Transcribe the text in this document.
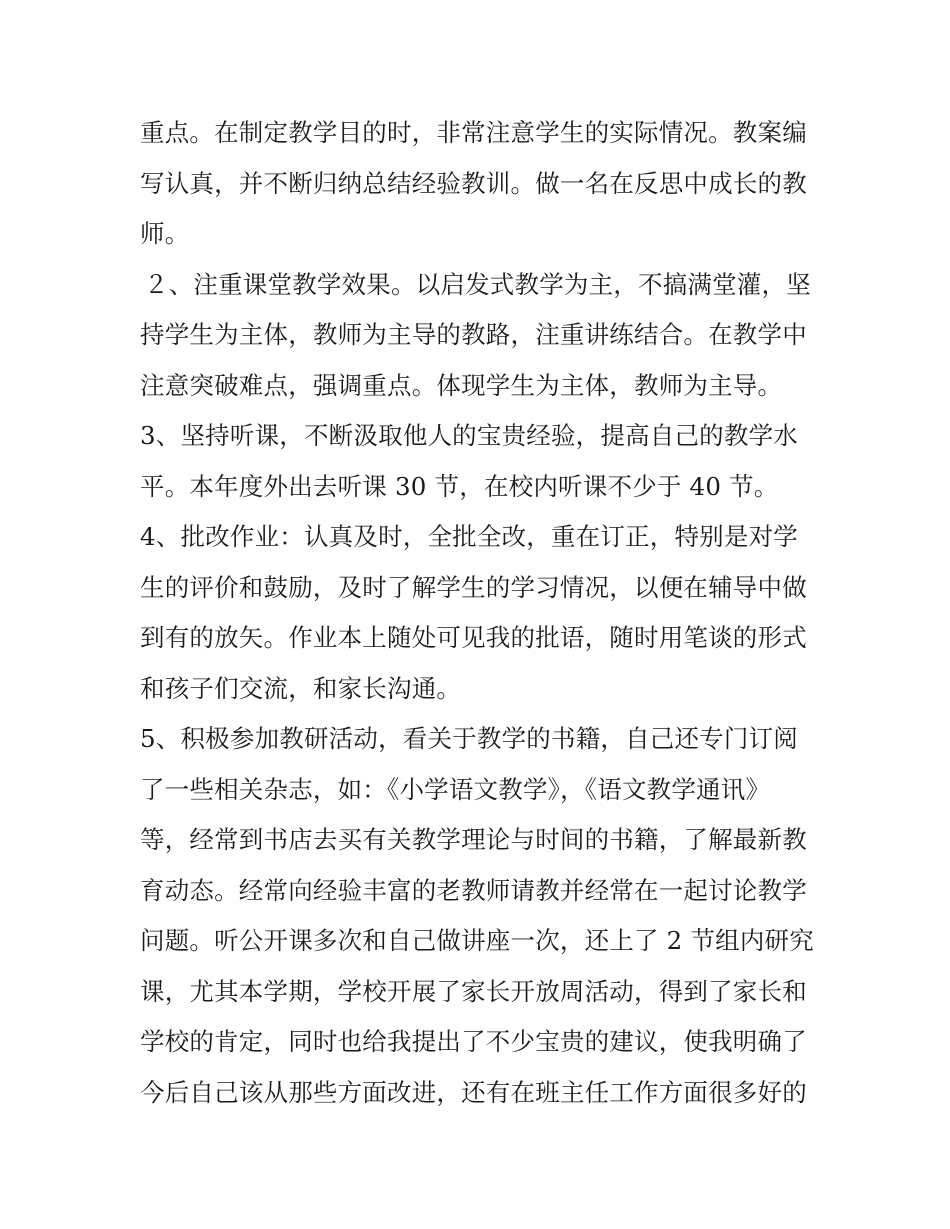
重点。在制定教学目的时，非常注意学生的实际情况。教案编
写认真，并不断归纳总结经验教训。做一名在反思中成长的教
师。
２、注重课堂教学效果。以启发式教学为主，不搞满堂灌，坚
持学生为主体，教师为主导的教路，注重讲练结合。在教学中
注意突破难点，强调重点。体现学生为主体，教师为主导。
3、坚持听课，不断汲取他人的宝贵经验，提高自己的教学水
平。本年度外出去听课 30 节，在校内听课不少于 40 节。
4、批改作业：认真及时，全批全改，重在订正，特别是对学
生的评价和鼓励，及时了解学生的学习情况，以便在辅导中做
到有的放矢。作业本上随处可见我的批语，随时用笔谈的形式
和孩子们交流，和家长沟通。
5、积极参加教研活动，看关于教学的书籍，自己还专门订阅
了一些相关杂志，如：《小学语文教学》，《语文教学通讯》
等，经常到书店去买有关教学理论与时间的书籍，了解最新教
育动态。经常向经验丰富的老教师请教并经常在一起讨论教学
问题。听公开课多次和自己做讲座一次，还上了 2 节组内研究
课，尤其本学期，学校开展了家长开放周活动，得到了家长和
学校的肯定，同时也给我提出了不少宝贵的建议，使我明确了
今后自己该从那些方面改进，还有在班主任工作方面很多好的
